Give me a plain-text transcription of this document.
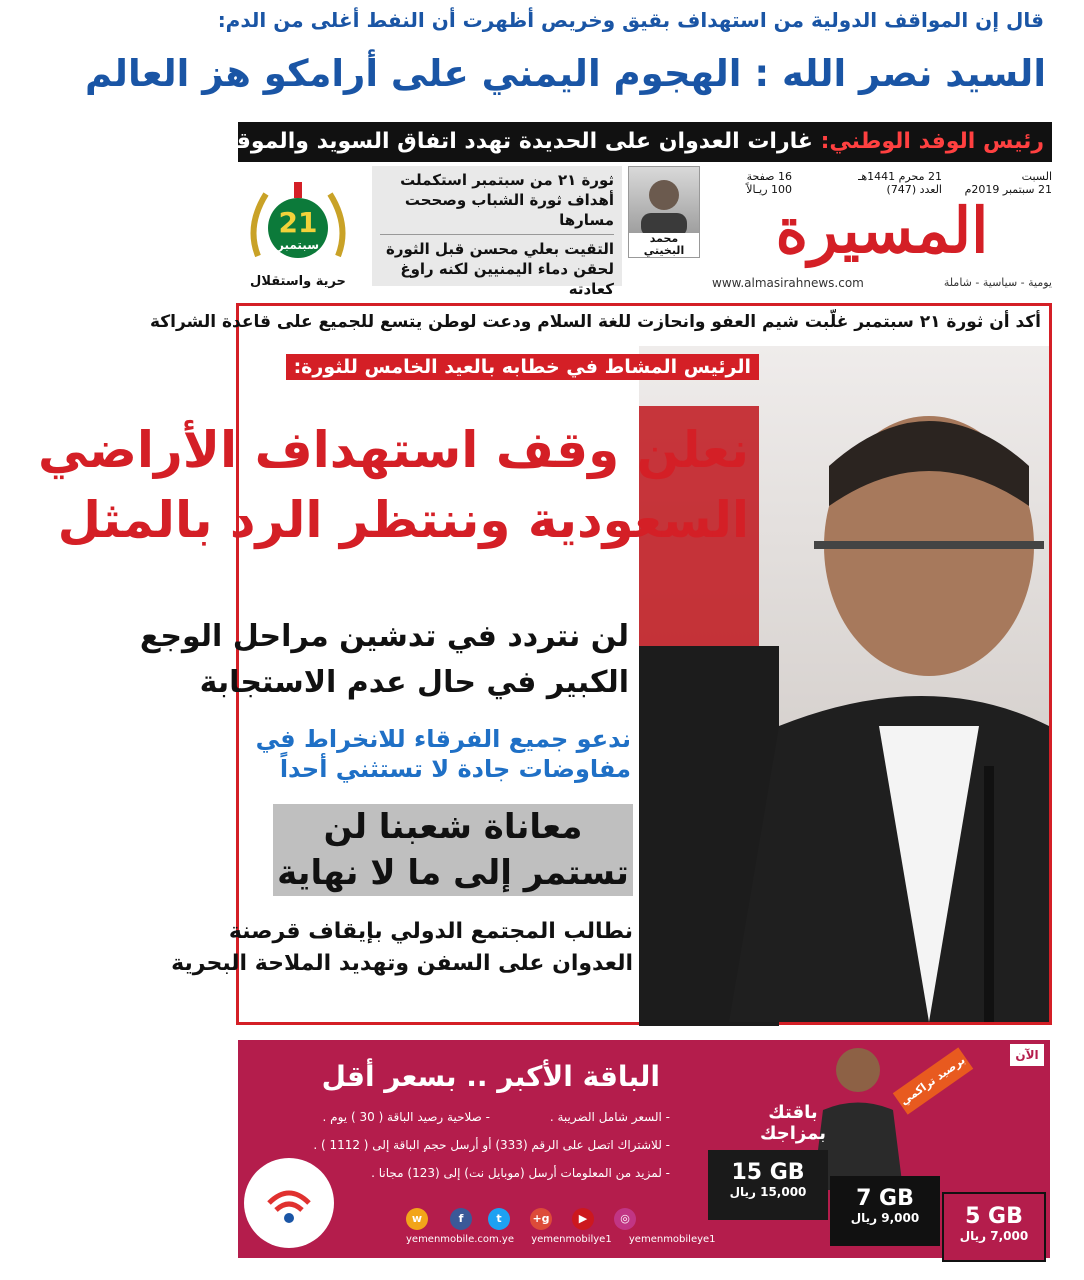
قال إن المواقف الدولية من استهداف بقيق وخريص أظهرت أن النفط أغلى من الدم:
السيد نصر الله : الهجوم اليمني على أرامكو هز العالم
رئيس الوفد الوطني: غارات العدوان على الحديدة تهدد اتفاق السويد والموقف الأممي على المحك
السبت
21 سبتمبر 2019م
21 محرم 1441هـ
العدد (747)
16 صفحة
100 ريـالاً
المسيرة
www.almasirahnews.com	يومية - سياسية - شاملة
محمد البخيتي
ثورة ٢١ من سبتمبر استكملت أهداف ثورة الشباب وصححت مسارها
التقيت بعلي محسن قبل الثورة لحقن دماء اليمنيين لكنه راوغ كعادته
21
سبتمبر
حرية واستقلال
أكد أن ثورة ٢١ سبتمبر غلّبت شيم العفو وانحازت للغة السلام ودعت لوطن يتسع للجميع على قاعدة الشراكة
الرئيس المشاط في خطابه بالعيد الخامس للثورة:
نعلن وقف استهداف الأراضي
السعودية وننتظر الرد بالمثل
لن نتردد في تدشين مراحل الوجع
الكبير في حال عدم الاستجابة
ندعو جميع الفرقاء للانخراط في
مفاوضات جادة لا تستثني أحداً
معاناة شعبنا لن
تستمر إلى ما لا نهاية
نطالب المجتمع الدولي بإيقاف قرصنة
العدوان على السفن وتهديد الملاحة البحرية
الباقة الأكبر .. بسعر أقل
- السعر شامل الضريبة .
- صلاحية رصيد الباقة ( 30 ) يوم .
- للاشتراك اتصل على الرقم (333) أو أرسل حجم الباقة إلى ( 1112 ) .
- لمزيد من المعلومات أرسل (موبايل نت) إلى (123) مجانا .
الآن
برصيد تراكمي
باقتك بمزاجك
15 GB
15,000 ريال	7 GB
9,000 ريال	5 GB
7,000 ريال
w	f	t	g+	▶	◎
yemenmobile.com.ye yemenmobilye1 yemenmobileye1
